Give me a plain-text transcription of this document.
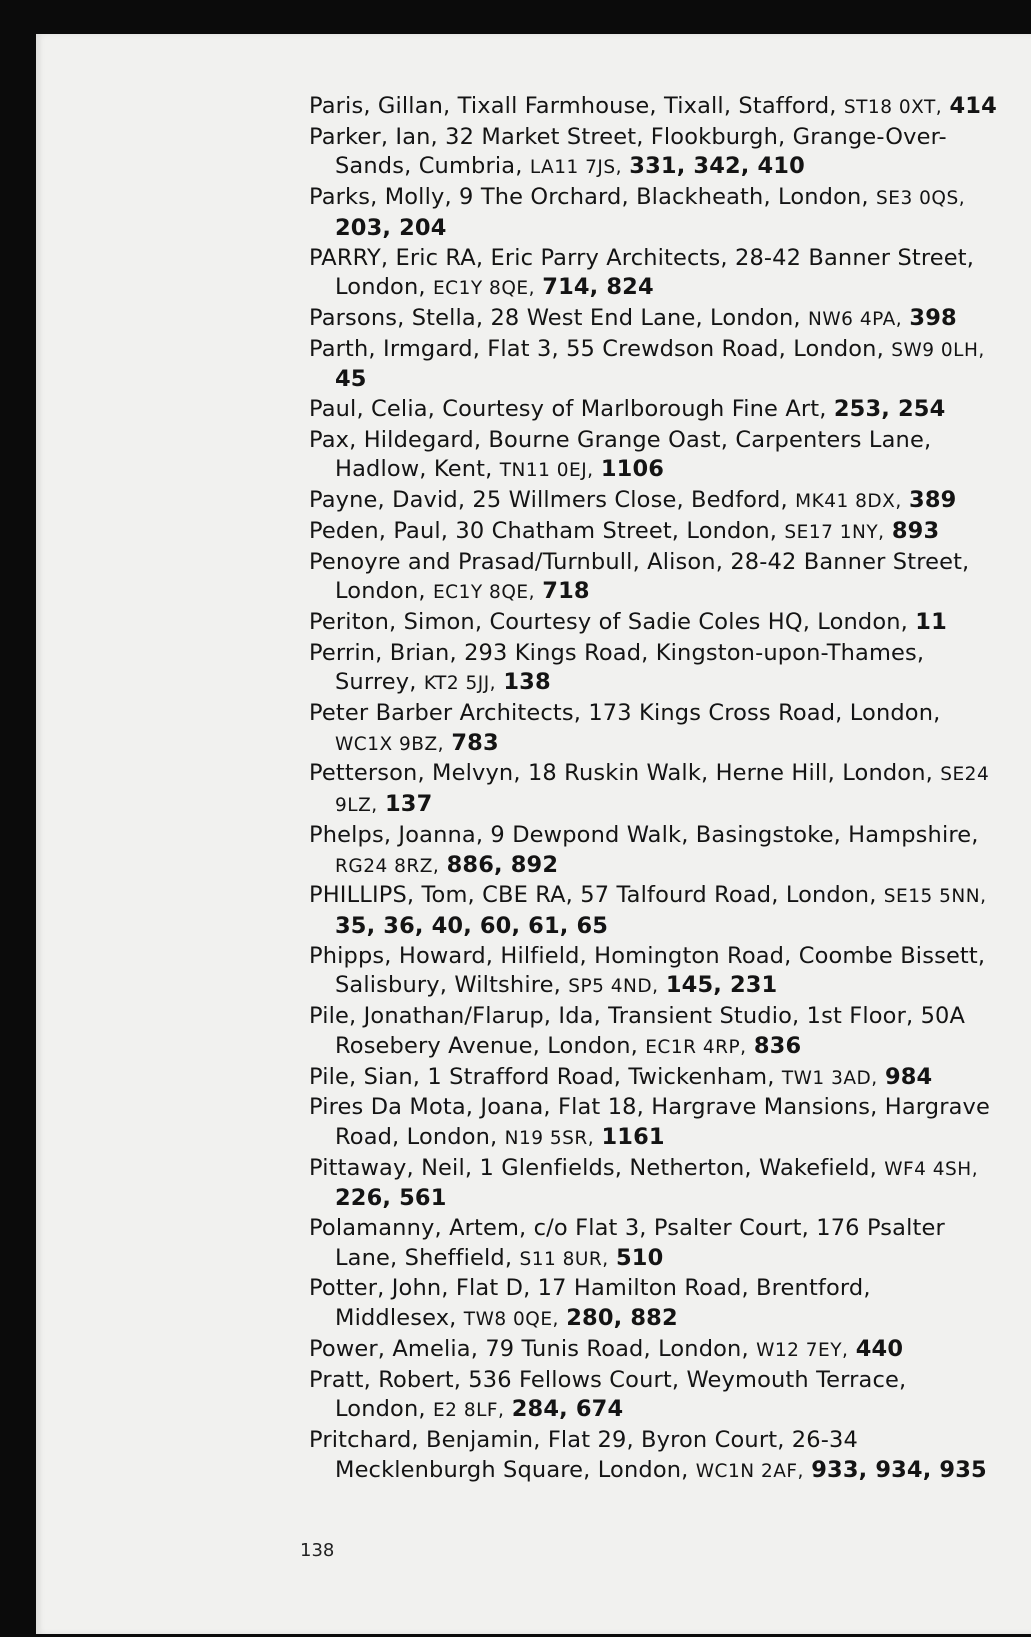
Paris, Gillan, Tixall Farmhouse, Tixall, Stafford, ST18 0XT, 414
Parker, Ian, 32 Market Street, Flookburgh, Grange-Over-Sands, Cumbria, LA11 7JS, 331, 342, 410
Parks, Molly, 9 The Orchard, Blackheath, London, SE3 0QS, 203, 204
PARRY, Eric RA, Eric Parry Architects, 28-42 Banner Street, London, EC1Y 8QE, 714, 824
Parsons, Stella, 28 West End Lane, London, NW6 4PA, 398
Parth, Irmgard, Flat 3, 55 Crewdson Road, London, SW9 0LH, 45
Paul, Celia, Courtesy of Marlborough Fine Art, 253, 254
Pax, Hildegard, Bourne Grange Oast, Carpenters Lane, Hadlow, Kent, TN11 0EJ, 1106
Payne, David, 25 Willmers Close, Bedford, MK41 8DX, 389
Peden, Paul, 30 Chatham Street, London, SE17 1NY, 893
Penoyre and Prasad/Turnbull, Alison, 28-42 Banner Street, London, EC1Y 8QE, 718
Periton, Simon, Courtesy of Sadie Coles HQ, London, 11
Perrin, Brian, 293 Kings Road, Kingston-upon-Thames, Surrey, KT2 5JJ, 138
Peter Barber Architects, 173 Kings Cross Road, London, WC1X 9BZ, 783
Petterson, Melvyn, 18 Ruskin Walk, Herne Hill, London, SE24 9LZ, 137
Phelps, Joanna, 9 Dewpond Walk, Basingstoke, Hampshire, RG24 8RZ, 886, 892
PHILLIPS, Tom, CBE RA, 57 Talfourd Road, London, SE15 5NN, 35, 36, 40, 60, 61, 65
Phipps, Howard, Hilfield, Homington Road, Coombe Bissett, Salisbury, Wiltshire, SP5 4ND, 145, 231
Pile, Jonathan/Flarup, Ida, Transient Studio, 1st Floor, 50A Rosebery Avenue, London, EC1R 4RP, 836
Pile, Sian, 1 Strafford Road, Twickenham, TW1 3AD, 984
Pires Da Mota, Joana, Flat 18, Hargrave Mansions, Hargrave Road, London, N19 5SR, 1161
Pittaway, Neil, 1 Glenfields, Netherton, Wakefield, WF4 4SH, 226, 561
Polamanny, Artem, c/o Flat 3, Psalter Court, 176 Psalter Lane, Sheffield, S11 8UR, 510
Potter, John, Flat D, 17 Hamilton Road, Brentford, Middlesex, TW8 0QE, 280, 882
Power, Amelia, 79 Tunis Road, London, W12 7EY, 440
Pratt, Robert, 536 Fellows Court, Weymouth Terrace, London, E2 8LF, 284, 674
Pritchard, Benjamin, Flat 29, Byron Court, 26-34 Mecklenburgh Square, London, WC1N 2AF, 933, 934, 935
138
